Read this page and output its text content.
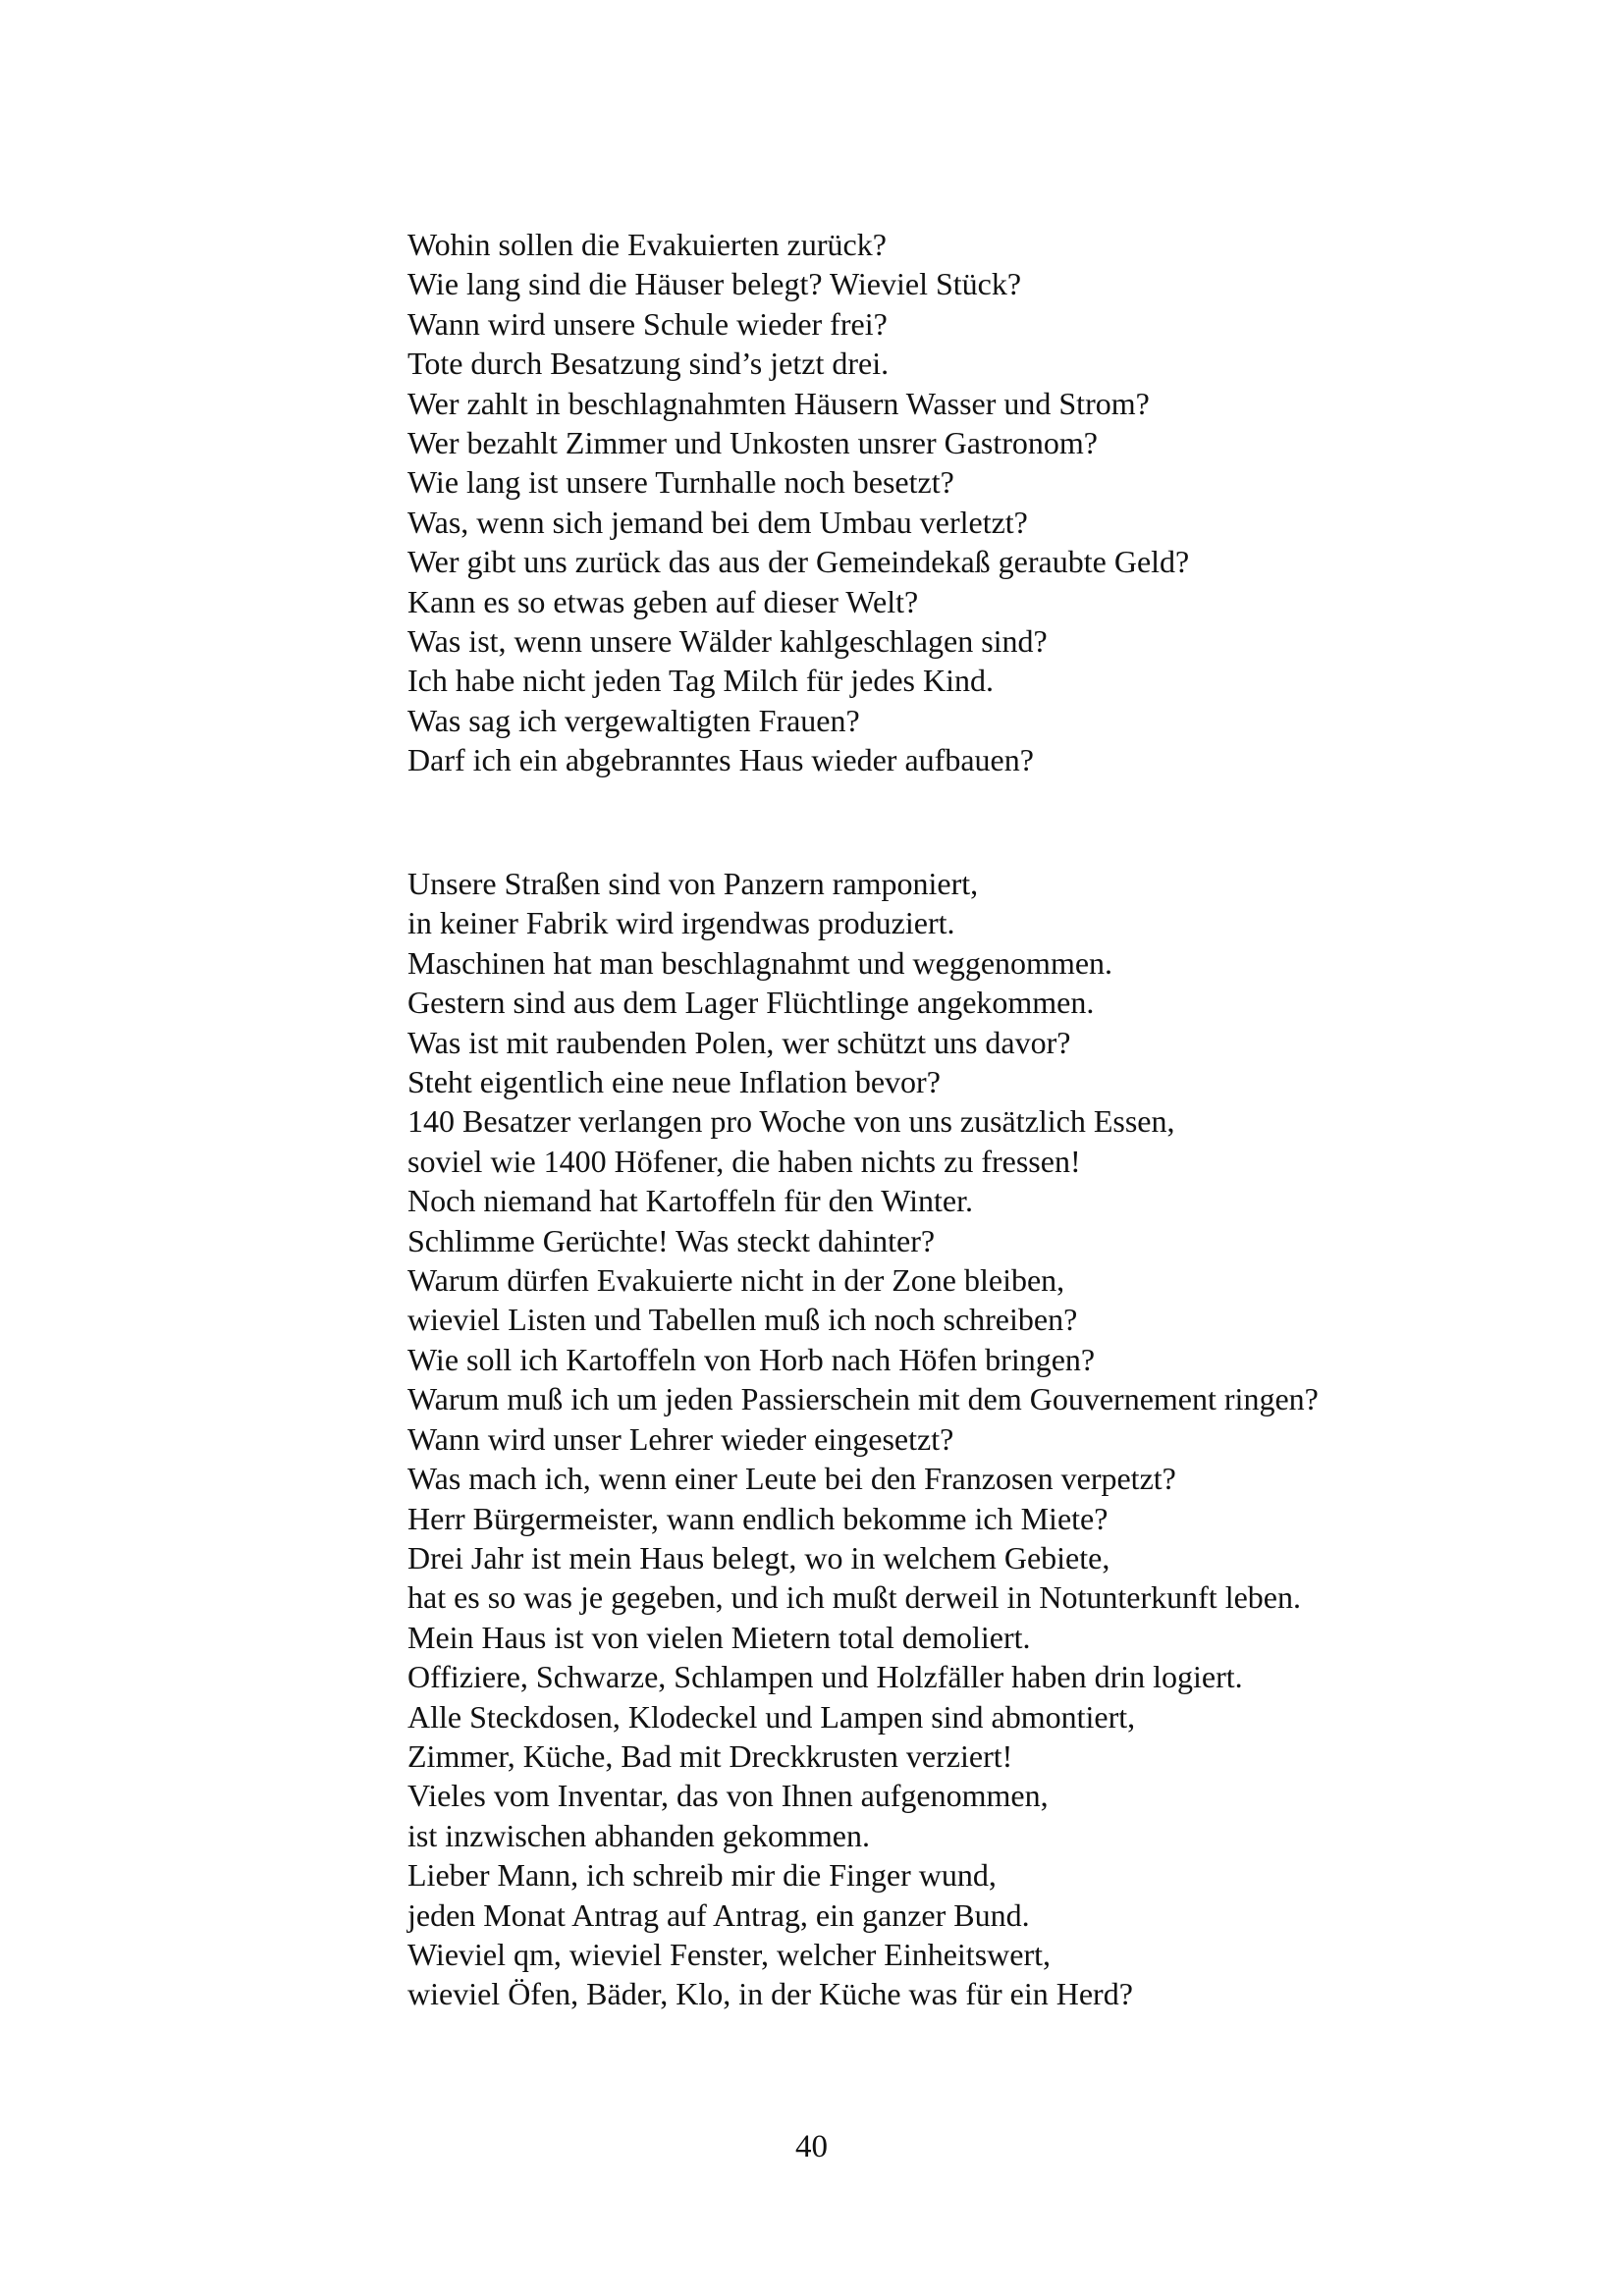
Wohin sollen die Evakuierten zurück?
Wie lang sind die Häuser belegt? Wieviel Stück?
Wann wird unsere Schule wieder frei?
Tote durch Besatzung sind’s jetzt drei.
Wer zahlt in beschlagnahmten Häusern Wasser und Strom?
Wer bezahlt Zimmer und Unkosten unsrer Gastronom?
Wie lang ist unsere Turnhalle noch besetzt?
Was, wenn sich jemand bei dem Umbau verletzt?
Wer gibt uns zurück das aus der Gemeindekaß geraubte Geld?
Kann es so etwas geben auf dieser Welt?
Was ist, wenn unsere Wälder kahlgeschlagen sind?
Ich habe nicht jeden Tag Milch für jedes Kind.
Was sag ich vergewaltigten Frauen?
Darf ich ein abgebranntes Haus wieder aufbauen?
Unsere Straßen sind von Panzern ramponiert,
in keiner Fabrik wird irgendwas produziert.
Maschinen hat man beschlagnahmt und weggenommen.
Gestern sind aus dem Lager Flüchtlinge angekommen.
Was ist mit raubenden Polen, wer schützt uns davor?
Steht eigentlich eine neue Inflation bevor?
140 Besatzer verlangen pro Woche von uns zusätzlich Essen,
soviel wie 1400 Höfener, die haben nichts zu fressen!
Noch niemand hat Kartoffeln für den Winter.
Schlimme Gerüchte! Was steckt dahinter?
Warum dürfen Evakuierte nicht in der Zone bleiben,
wieviel Listen und Tabellen muß ich noch schreiben?
Wie soll ich Kartoffeln von Horb nach Höfen bringen?
Warum muß ich um jeden Passierschein mit dem Gouvernement ringen?
Wann wird unser Lehrer wieder eingesetzt?
Was mach ich, wenn einer Leute bei den Franzosen verpetzt?
Herr Bürgermeister, wann endlich bekomme ich Miete?
Drei Jahr ist mein Haus belegt, wo in welchem Gebiete,
hat es so was je gegeben, und ich mußt derweil in Notunterkunft leben.
Mein Haus ist von vielen Mietern total demoliert.
Offiziere, Schwarze, Schlampen und Holzfäller haben drin logiert.
Alle Steckdosen, Klodeckel und Lampen sind abmontiert,
Zimmer, Küche, Bad mit Dreckkrusten verziert!
Vieles vom Inventar, das von Ihnen aufgenommen,
ist inzwischen abhanden gekommen.
Lieber Mann, ich schreib mir die Finger wund,
jeden Monat Antrag auf Antrag, ein ganzer Bund.
Wieviel qm, wieviel Fenster, welcher Einheitswert,
wieviel Öfen, Bäder, Klo, in der Küche was für ein Herd?
40
